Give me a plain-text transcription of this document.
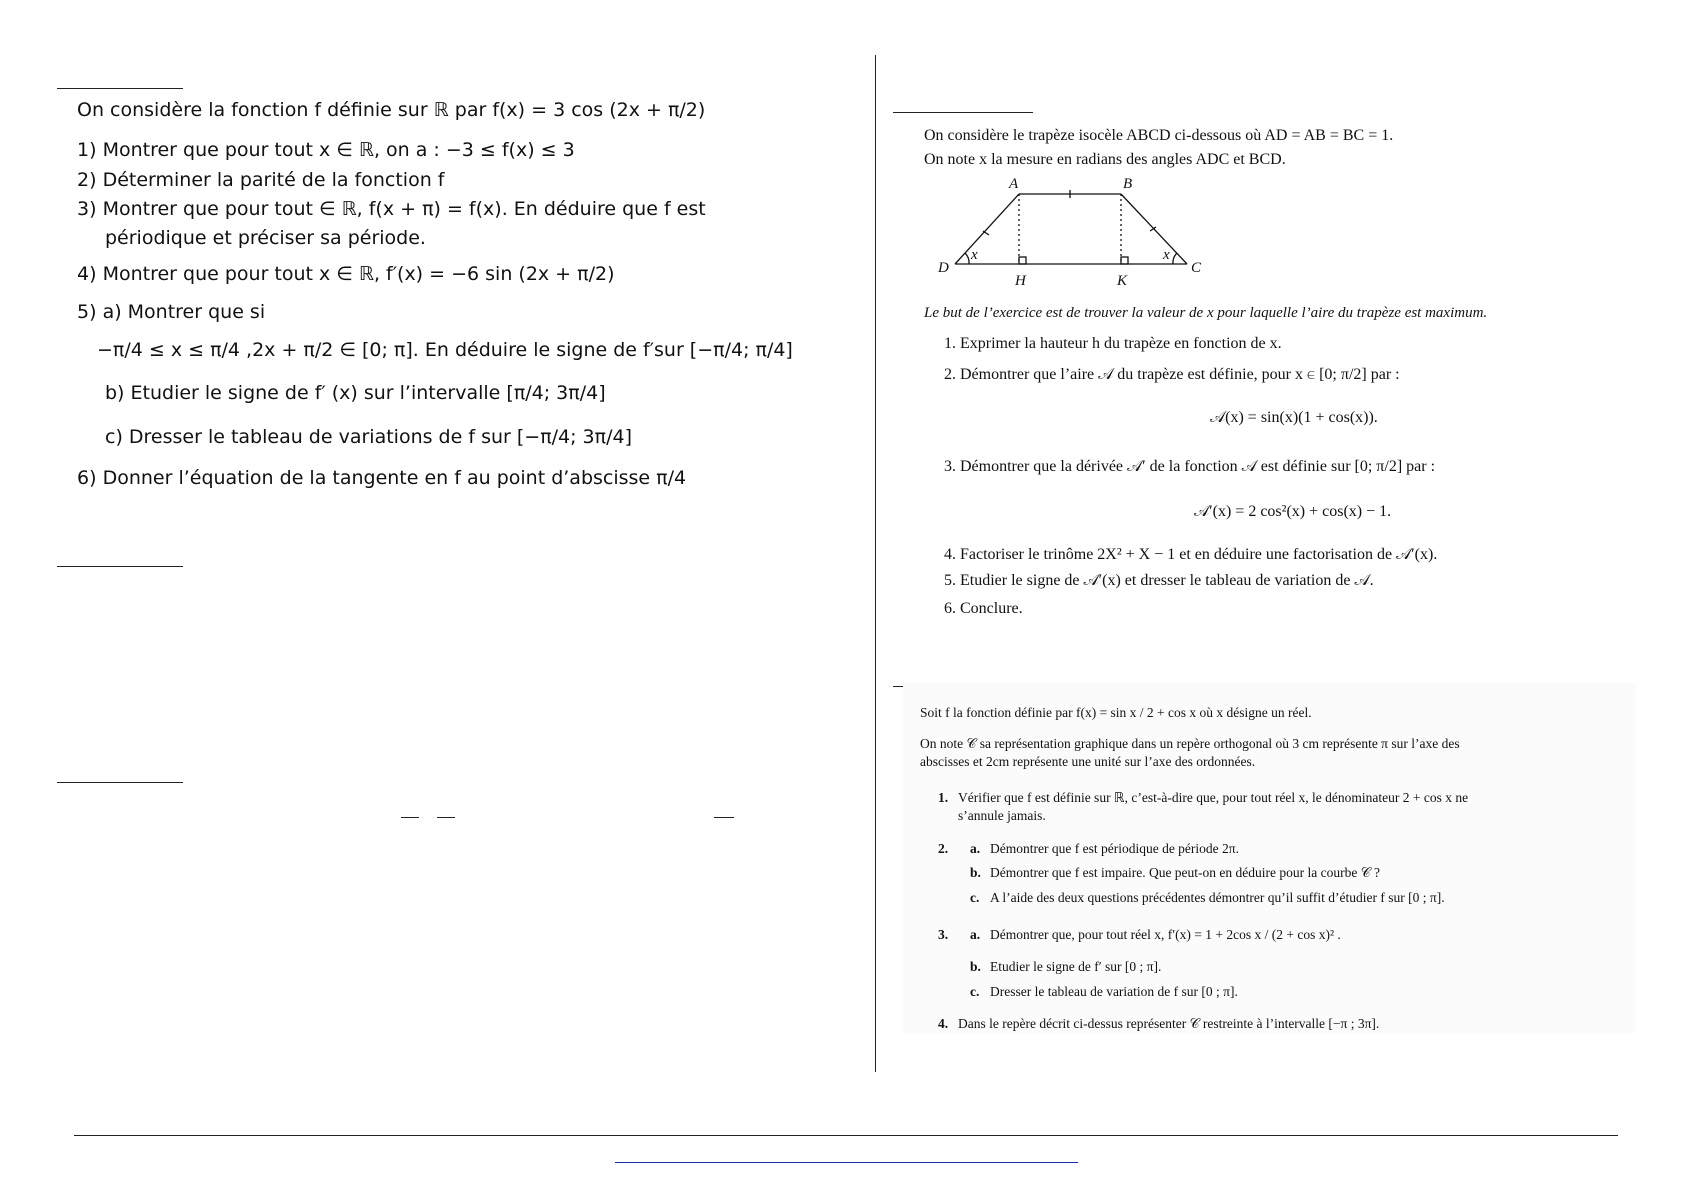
On considère la fonction f définie sur ℝ par f(x) = 3 cos (2x + π/2)
1) Montrer que pour tout x ∈ ℝ, on a : −3 ≤ f(x) ≤ 3
2) Déterminer la parité de la fonction f
3) Montrer que pour tout ∈ ℝ, f(x + π) = f(x). En déduire que f est
périodique et préciser sa période.
4) Montrer que pour tout x ∈ ℝ, f′(x) = −6 sin (2x + π/2)
5) a) Montrer que si
−π/4 ≤ x ≤ π/4 ,2x + π/2 ∈ [0; π]. En déduire le signe de f′sur [−π/4; π/4]
b) Etudier le signe de f′ (x) sur l’intervalle [π/4; 3π/4]
c) Dresser le tableau de variations de f sur [−π/4; 3π/4]
6) Donner l’équation de la tangente en f au point d’abscisse π/4
On considère le trapèze isocèle ABCD ci-dessous où AD = AB = BC = 1.
On note x la mesure en radians des angles ADC et BCD.
A	B
C
D
H	K
x	x
Le but de l’exercice est de trouver la valeur de x pour laquelle l’aire du trapèze est maximum.
1. Exprimer la hauteur h du trapèze en fonction de x.
2. Démontrer que l’aire 𝒜 du trapèze est définie, pour x ∈ [0; π/2] par :
𝒜(x) = sin(x)(1 + cos(x)).
3. Démontrer que la dérivée 𝒜′ de la fonction 𝒜 est définie sur [0; π/2] par :
𝒜′(x) = 2 cos²(x) + cos(x) − 1.
4. Factoriser le trinôme 2X² + X − 1 et en déduire une factorisation de 𝒜′(x).
5. Etudier le signe de 𝒜′(x) et dresser le tableau de variation de 𝒜.
6. Conclure.
Soit f la fonction définie par f(x) = sin x / 2 + cos x où x désigne un réel.
On note 𝒞 sa représentation graphique dans un repère orthogonal où 3 cm représente π sur l’axe des
abscisses et 2cm représente une unité sur l’axe des ordonnées.
1. Vérifier que f est définie sur ℝ, c’est-à-dire que, pour tout réel x, le dénominateur 2 + cos x ne
s’annule jamais.
2. a. Démontrer que f est périodique de période 2π.
b. Démontrer que f est impaire. Que peut-on en déduire pour la courbe 𝒞 ?
c. A l’aide des deux questions précédentes démontrer qu’il suffit d’étudier f sur [0 ; π].
3. a. Démontrer que, pour tout réel x, f′(x) = 1 + 2cos x / (2 + cos x)² .
b. Etudier le signe de f′ sur [0 ; π].
c. Dresser le tableau de variation de f sur [0 ; π].
4. Dans le repère décrit ci-dessus représenter 𝒞 restreinte à l’intervalle [−π ; 3π].
